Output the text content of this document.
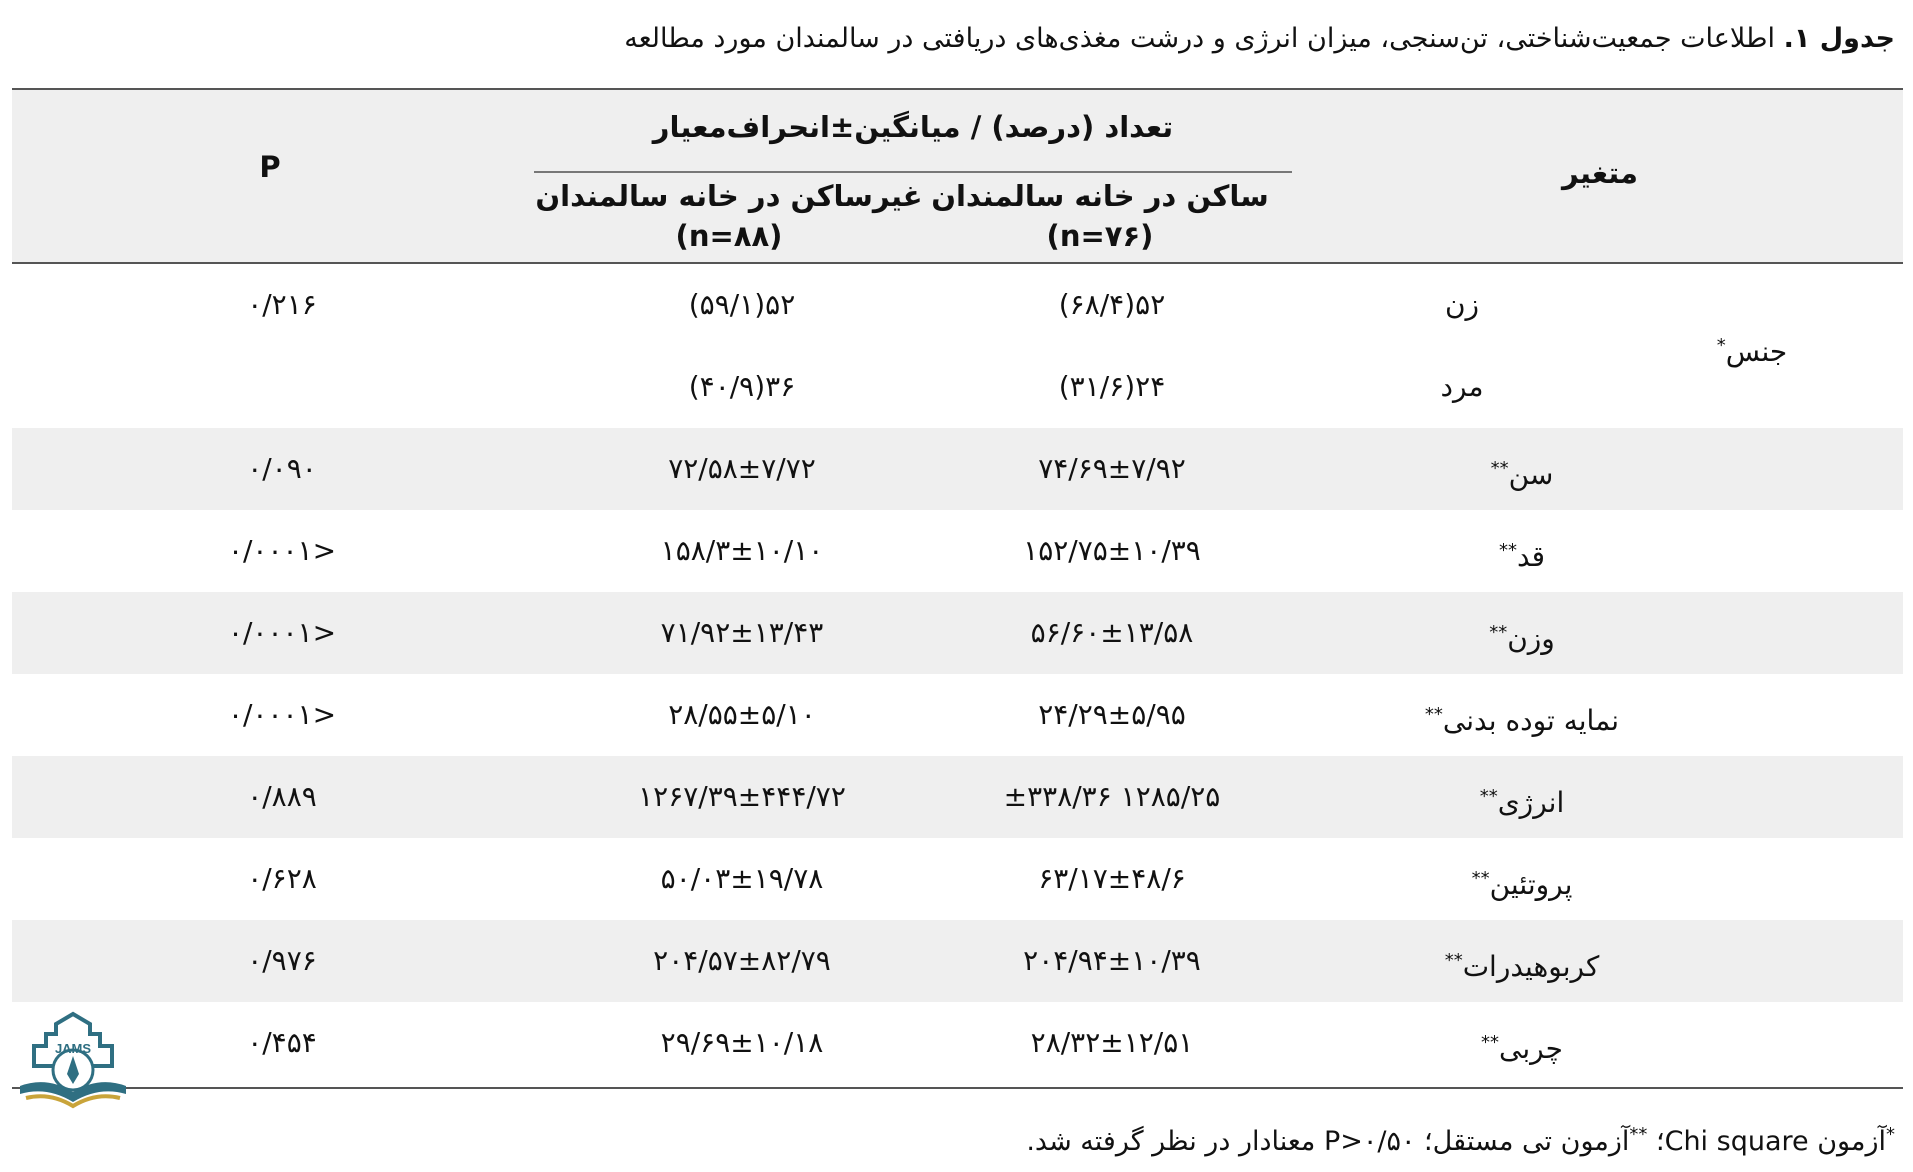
جدول ۱. اطلاعات جمعیت‌شناختی، تن‌سنجی، میزان انرژی و درشت مغذی‌های دریافتی در سالمندان مورد مطالعه
متغیر
تعداد (درصد) / میانگین±انحراف‌معیار
ساکن در خانه سالمندان
(n=۷۶)
غیرساکن در خانه سالمندان
(n=۸۸)
P
جنس*
زن
۵۲(۶۸/۴)
۵۲(۵۹/۱)
۰/۲۱۶
مرد
۲۴(۳۱/۶)
۳۶(۴۰/۹)
سن**
۷۴/۶۹±۷/۹۲
۷۲/۵۸±۷/۷۲
۰/۰۹۰
قد**
۱۵۲/۷۵±۱۰/۳۹
۱۵۸/۳±۱۰/۱۰
<۰/۰۰۰۱
وزن**
۵۶/۶۰±۱۳/۵۸
۷۱/۹۲±۱۳/۴۳
<۰/۰۰۰۱
نمایه توده بدنی**
۲۴/۲۹±۵/۹۵
۲۸/۵۵±۵/۱۰
<۰/۰۰۰۱
انرژی**
۱۲۸۵/۲۵ ±۳۳۸/۳۶
۱۲۶۷/۳۹±۴۴۴/۷۲
۰/۸۸۹
پروتئین**
۶۳/۱۷±۴۸/۶
۵۰/۰۳±۱۹/۷۸
۰/۶۲۸
کربوهیدرات**
۲۰۴/۹۴±۱۰/۳۹
۲۰۴/۵۷±۸۲/۷۹
۰/۹۷۶
چربی**
۲۸/۳۲±۱۲/۵۱
۲۹/۶۹±۱۰/۱۸
۰/۴۵۴
JAMS
*آزمون Chi square؛ **آزمون تی مستقل؛ P>۰/۵۰ معنادار در نظر گرفته شد.
